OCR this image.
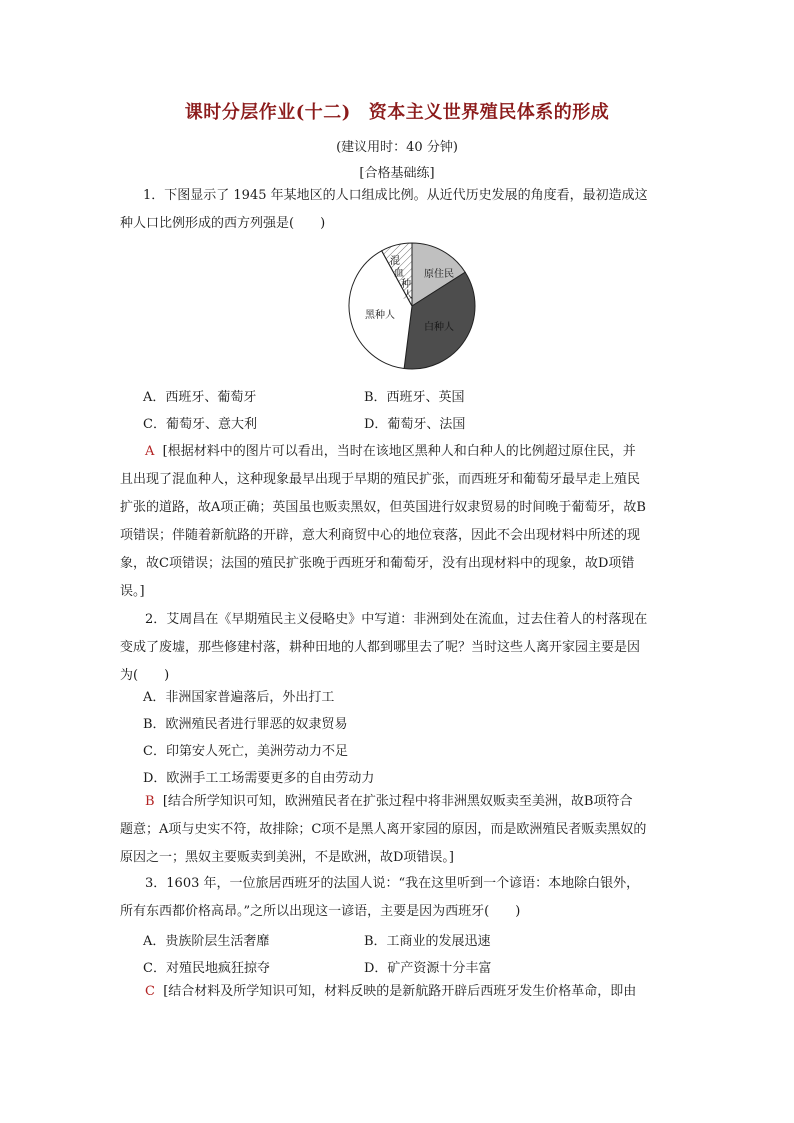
课时分层作业(十二) 资本主义世界殖民体系的形成
(建议用时：40 分钟)
[合格基础练]
1．下图显示了 1945 年某地区的人口组成比例。从近代历史发展的角度看，最初造成这
种人口比例形成的西方列强是(　　)
原住民
白种人
黑种人
混
血
种
人
A．西班牙、葡萄牙	B．西班牙、英国
C．葡萄牙、意大利	D．葡萄牙、法国
A [根据材料中的图片可以看出，当时在该地区黑种人和白种人的比例超过原住民，并
且出现了混血种人，这种现象最早出现于早期的殖民扩张，而西班牙和葡萄牙最早走上殖民
扩张的道路，故A项正确；英国虽也贩卖黑奴，但英国进行奴隶贸易的时间晚于葡萄牙，故B
项错误；伴随着新航路的开辟，意大利商贸中心的地位衰落，因此不会出现材料中所述的现
象，故C项错误；法国的殖民扩张晚于西班牙和葡萄牙，没有出现材料中的现象，故D项错
误。]
2．艾周昌在《早期殖民主义侵略史》中写道：非洲到处在流血，过去住着人的村落现在
变成了废墟，那些修建村落，耕种田地的人都到哪里去了呢？当时这些人离开家园主要是因
为(　　)
A．非洲国家普遍落后，外出打工
B．欧洲殖民者进行罪恶的奴隶贸易
C．印第安人死亡，美洲劳动力不足
D．欧洲手工工场需要更多的自由劳动力
B [结合所学知识可知，欧洲殖民者在扩张过程中将非洲黑奴贩卖至美洲，故B项符合
题意；A项与史实不符，故排除；C项不是黑人离开家园的原因，而是欧洲殖民者贩卖黑奴的
原因之一；黑奴主要贩卖到美洲，不是欧洲，故D项错误。]
3．1603 年，一位旅居西班牙的法国人说：“我在这里听到一个谚语：本地除白银外，
所有东西都价格高昂。”之所以出现这一谚语，主要是因为西班牙(　　)
A．贵族阶层生活奢靡	B．工商业的发展迅速
C．对殖民地疯狂掠夺	D．矿产资源十分丰富
C [结合材料及所学知识可知，材料反映的是新航路开辟后西班牙发生价格革命，即由
